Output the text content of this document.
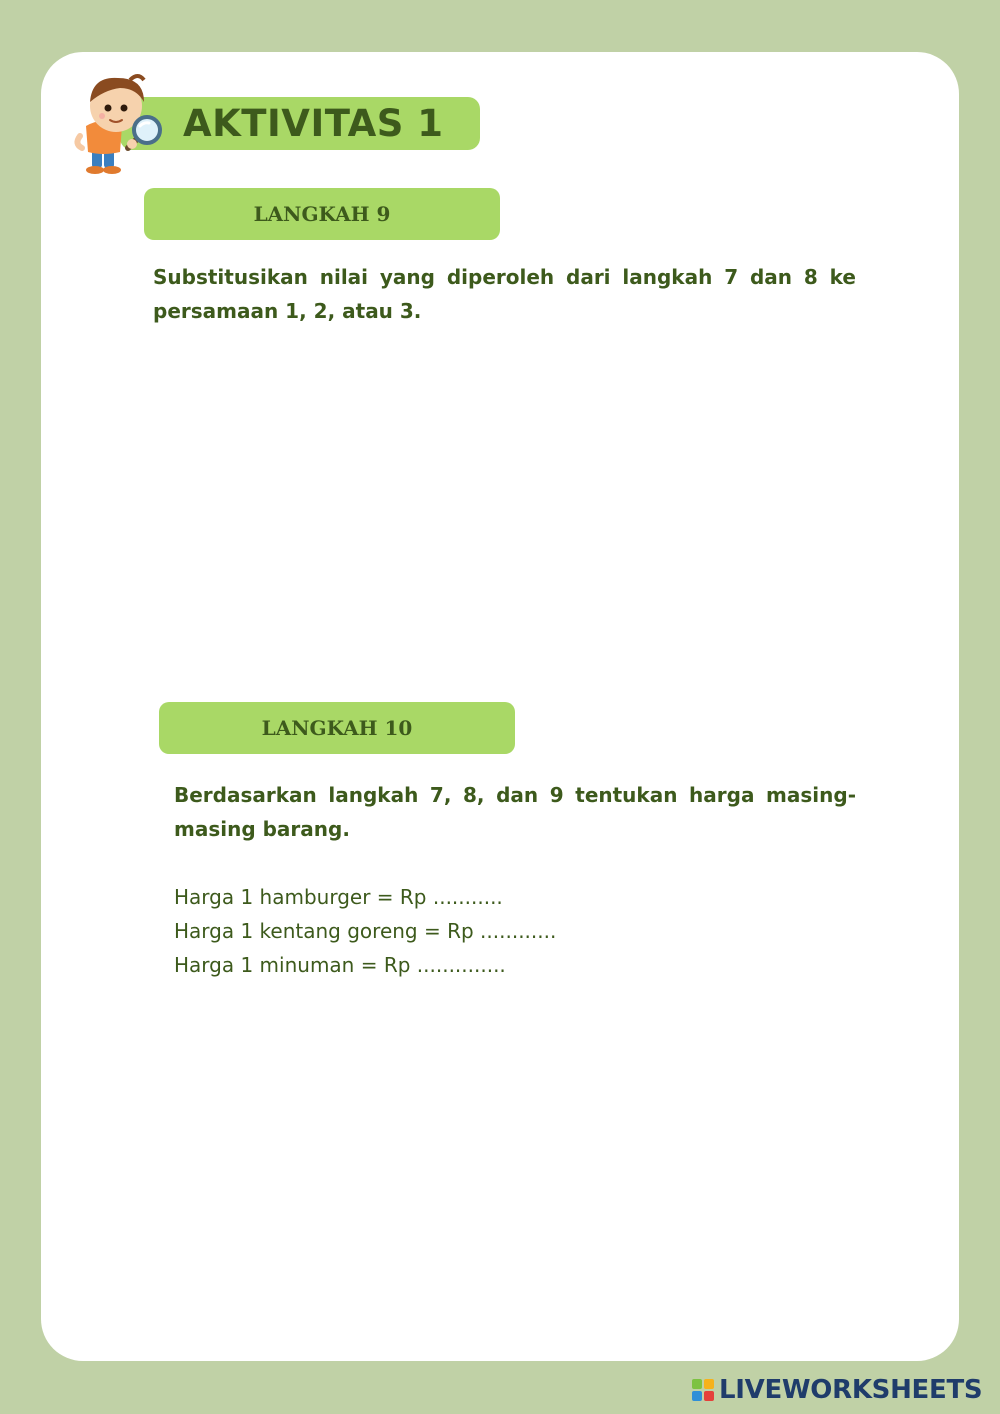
AKTIVITAS 1
LANGKAH 9

Substitusikan nilai yang diperoleh dari langkah 7 dan 8 ke persamaan 1, 2, atau 3.

LANGKAH 10

Berdasarkan langkah 7, 8, dan 9 tentukan harga masing-masing barang.

Harga 1 hamburger = Rp ...........
Harga 1 kentang goreng = Rp ............
Harga 1 minuman = Rp ..............
LIVEWORKSHEETS
